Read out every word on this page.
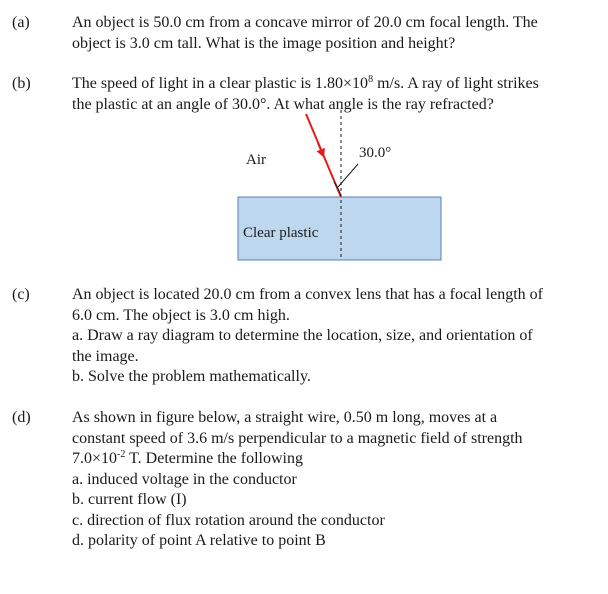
(a)	An object is 50.0 cm from a concave mirror of 20.0 cm focal length. The
object is 3.0 cm tall. What is the image position and height?
(b)	The speed of light in a clear plastic is $1.80\times 10^8$ m/s. A ray of light strikes
the plastic at an angle of 30.0°. At what angle is the ray refracted?
30.0°
Air
Clear plastic
(c)	An object is located 20.0 cm from a convex lens that has a focal length of
6.0 cm. The object is 3.0 cm high.
a. Draw a ray diagram to determine the location, size, and orientation of
the image.
b. Solve the problem mathematically.
(d)	As shown in figure below, a straight wire, 0.50 m long, moves at a
constant speed of 3.6 m/s perpendicular to a magnetic field of strength
$7.0\times 10^{-2}$ T. Determine the following
a. induced voltage in the conductor
b. current flow (I)
c. direction of flux rotation around the conductor
d. polarity of point A relative to point B
